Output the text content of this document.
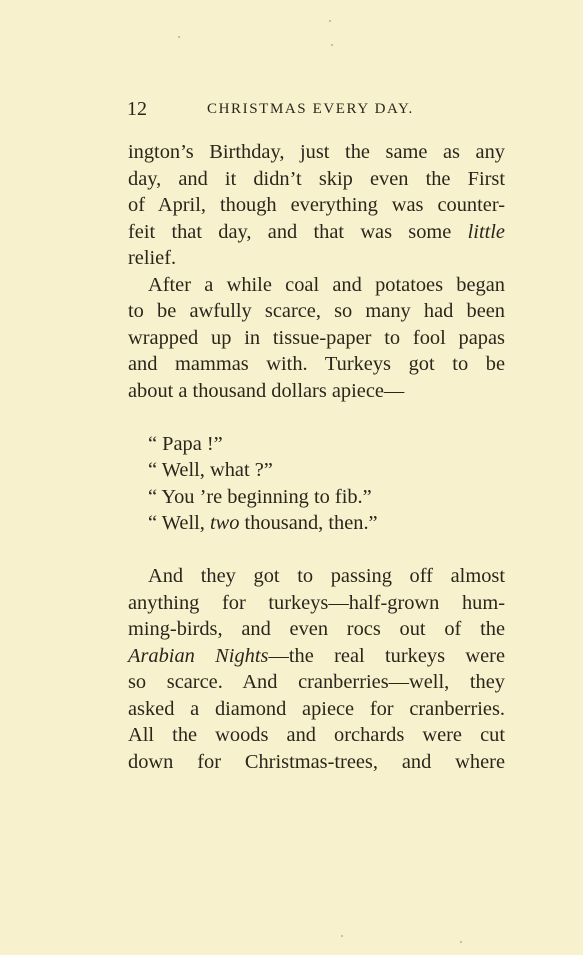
12	CHRISTMAS EVERY DAY.
ington’s Birthday, just the same as any
day, and it didn’t skip even the First
of April, though everything was counter-
feit that day, and that was some little
relief.
After a while coal and potatoes began
to be awfully scarce, so many had been
wrapped up in tissue-paper to fool papas
and mammas with. Turkeys got to be
about a thousand dollars apiece—
“ Papa !”
“ Well, what ?”
“ You ’re beginning to fib.”
“ Well, two thousand, then.”
And they got to passing off almost
anything for turkeys—half-grown hum-
ming-birds, and even rocs out of the
Arabian Nights—the real turkeys were
so scarce. And cranberries—well, they
asked a diamond apiece for cranberries.
All the woods and orchards were cut
down for Christmas-trees, and where
